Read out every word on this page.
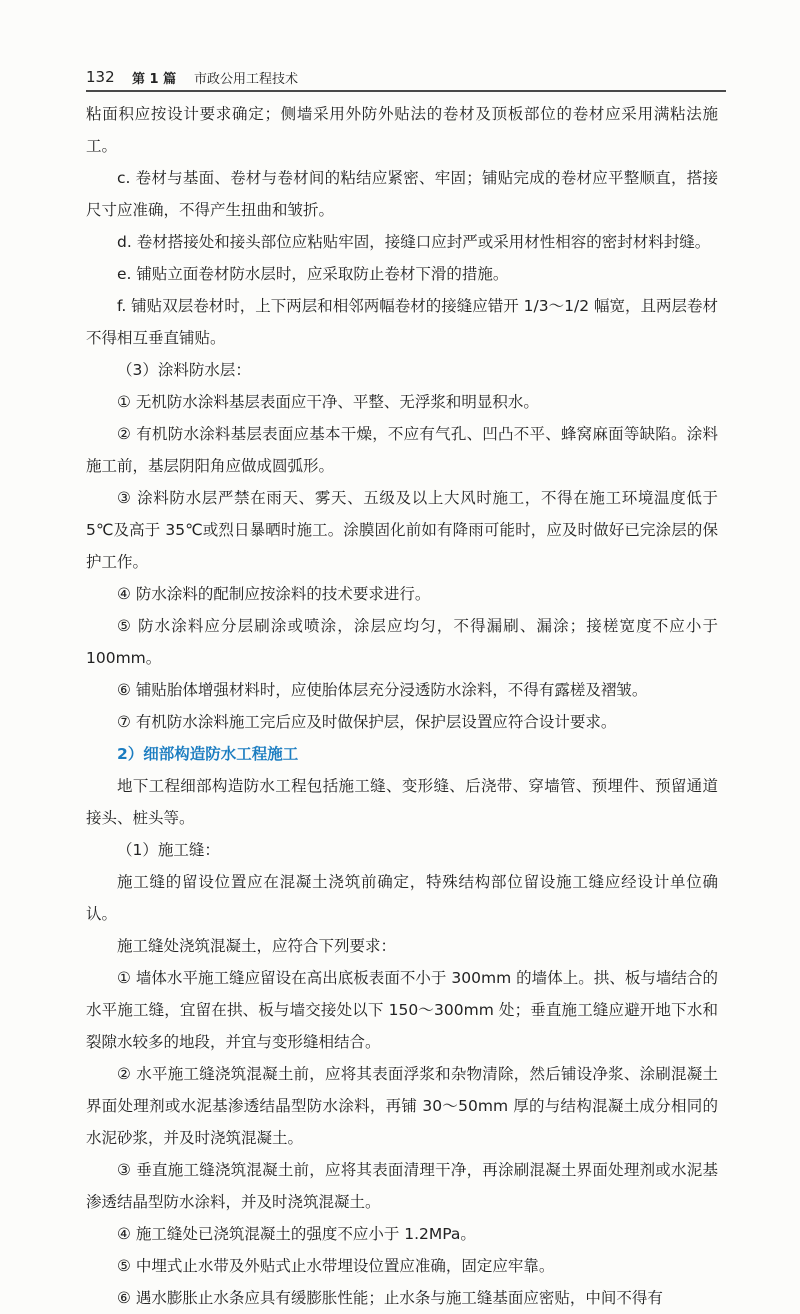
132 第 1 篇 市政公用工程技术

粘面积应按设计要求确定；侧墙采用外防外贴法的卷材及顶板部位的卷材应采用满粘法施工。

c. 卷材与基面、卷材与卷材间的粘结应紧密、牢固；铺贴完成的卷材应平整顺直，搭接尺寸应准确，不得产生扭曲和皱折。

d. 卷材搭接处和接头部位应粘贴牢固，接缝口应封严或采用材性相容的密封材料封缝。

e. 铺贴立面卷材防水层时，应采取防止卷材下滑的措施。

f. 铺贴双层卷材时，上下两层和相邻两幅卷材的接缝应错开 1/3～1/2 幅宽，且两层卷材不得相互垂直铺贴。

（3）涂料防水层：

① 无机防水涂料基层表面应干净、平整、无浮浆和明显积水。

② 有机防水涂料基层表面应基本干燥，不应有气孔、凹凸不平、蜂窝麻面等缺陷。涂料施工前，基层阴阳角应做成圆弧形。

③ 涂料防水层严禁在雨天、雾天、五级及以上大风时施工，不得在施工环境温度低于 5℃及高于 35℃或烈日暴晒时施工。涂膜固化前如有降雨可能时，应及时做好已完涂层的保护工作。

④ 防水涂料的配制应按涂料的技术要求进行。

⑤ 防水涂料应分层刷涂或喷涂，涂层应均匀，不得漏刷、漏涂；接槎宽度不应小于 100mm。

⑥ 铺贴胎体增强材料时，应使胎体层充分浸透防水涂料，不得有露槎及褶皱。

⑦ 有机防水涂料施工完后应及时做保护层，保护层设置应符合设计要求。

2）细部构造防水工程施工

地下工程细部构造防水工程包括施工缝、变形缝、后浇带、穿墙管、预埋件、预留通道接头、桩头等。

（1）施工缝：

施工缝的留设位置应在混凝土浇筑前确定，特殊结构部位留设施工缝应经设计单位确认。

施工缝处浇筑混凝土，应符合下列要求：

① 墙体水平施工缝应留设在高出底板表面不小于 300mm 的墙体上。拱、板与墙结合的水平施工缝，宜留在拱、板与墙交接处以下 150～300mm 处；垂直施工缝应避开地下水和裂隙水较多的地段，并宜与变形缝相结合。

② 水平施工缝浇筑混凝土前，应将其表面浮浆和杂物清除，然后铺设净浆、涂刷混凝土界面处理剂或水泥基渗透结晶型防水涂料，再铺 30～50mm 厚的与结构混凝土成分相同的水泥砂浆，并及时浇筑混凝土。

③ 垂直施工缝浇筑混凝土前，应将其表面清理干净，再涂刷混凝土界面处理剂或水泥基渗透结晶型防水涂料，并及时浇筑混凝土。

④ 施工缝处已浇筑混凝土的强度不应小于 1.2MPa。

⑤ 中埋式止水带及外贴式止水带埋设位置应准确，固定应牢靠。

⑥ 遇水膨胀止水条应具有缓膨胀性能；止水条与施工缝基面应密贴，中间不得有
